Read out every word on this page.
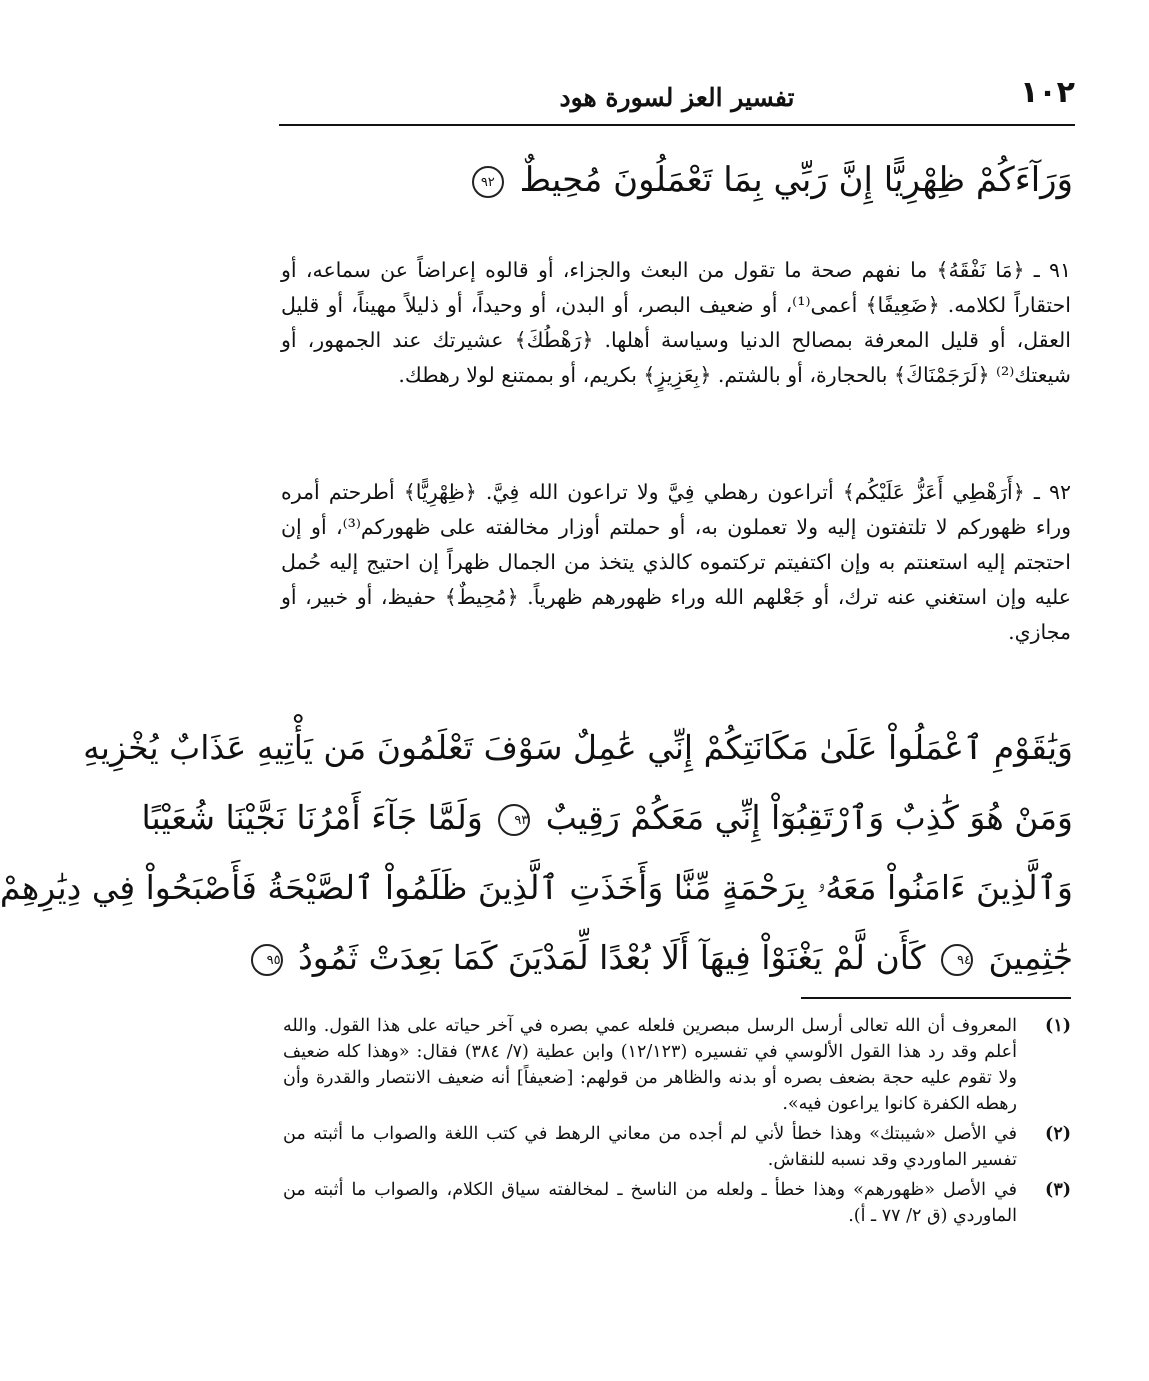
١٠٢
تفسير العز لسورة هود
وَرَآءَكُمْ ظِهْرِيًّا إِنَّ رَبِّي بِمَا تَعْمَلُونَ مُحِيطٌ ٩٢

٩١ ـ ﴿مَا نَفْقَهُ﴾ ما نفهم صحة ما تقول من البعث والجزاء، أو قالوه إعراضاً عن سماعه، أو احتقاراً لكلامه. ﴿ضَعِيفًا﴾ أعمى⁽¹⁾، أو ضعيف البصر، أو البدن، أو وحيداً، أو ذليلاً مهيناً، أو قليل العقل، أو قليل المعرفة بمصالح الدنيا وسياسة أهلها. ﴿رَهْطُكَ﴾ عشيرتك عند الجمهور، أو شيعتك⁽²⁾ ﴿لَرَجَمْنَاكَ﴾ بالحجارة، أو بالشتم. ﴿بِعَزِيزٍ﴾ بكريم، أو بممتنع لولا رهطك.

٩٢ ـ ﴿أَرَهْطِي أَعَزُّ عَلَيْكُم﴾ أتراعون رهطي فِيَّ ولا تراعون الله فِيَّ. ﴿ظِهْرِيًّا﴾ أطرحتم أمره وراء ظهوركم لا تلتفتون إليه ولا تعملون به، أو حملتم أوزار مخالفته على ظهوركم⁽³⁾، أو إن احتجتم إليه استعنتم به وإن اكتفيتم تركتموه كالذي يتخذ من الجمال ظهراً إن احتيج إليه حُمل عليه وإن استغني عنه ترك، أو جَعْلهم الله وراء ظهورهم ظهرياً. ﴿مُحِيطٌ﴾ حفيظ، أو خبير، أو مجازي.

وَيَٰقَوْمِ ٱعْمَلُواْ عَلَىٰ مَكَانَتِكُمْ إِنِّي عَٰمِلٌ سَوْفَ تَعْلَمُونَ مَن يَأْتِيهِ عَذَابٌ يُخْزِيهِ
وَمَنْ هُوَ كَٰذِبٌ وَٱرْتَقِبُوٓاْ إِنِّي مَعَكُمْ رَقِيبٌ ٩٣ وَلَمَّا جَآءَ أَمْرُنَا نَجَّيْنَا شُعَيْبًا
وَٱلَّذِينَ ءَامَنُواْ مَعَهُۥ بِرَحْمَةٍ مِّنَّا وَأَخَذَتِ ٱلَّذِينَ ظَلَمُواْ ٱلصَّيْحَةُ فَأَصْبَحُواْ فِي دِيَٰرِهِمْ
جَٰثِمِينَ ٩٤ كَأَن لَّمْ يَغْنَوْاْ فِيهَآ أَلَا بُعْدًا لِّمَدْيَنَ كَمَا بَعِدَتْ ثَمُودُ ٩٥
(١)
المعروف أن الله تعالى أرسل الرسل مبصرين فلعله عمي بصره في آخر حياته على هذا القول. والله أعلم وقد رد هذا القول الألوسي في تفسيره (١٢/١٢٣) وابن عطية (٧/ ٣٨٤) فقال: «وهذا كله ضعيف ولا تقوم عليه حجة بضعف بصره أو بدنه والظاهر من قولهم: [ضعيفاً] أنه ضعيف الانتصار والقدرة وأن رهطه الكفرة كانوا يراعون فيه».
(٢)
في الأصل «شيبتك» وهذا خطأ لأني لم أجده من معاني الرهط في كتب اللغة والصواب ما أثبته من تفسير الماوردي وقد نسبه للنقاش.
(٣)
في الأصل «ظهورهم» وهذا خطأ ـ ولعله من الناسخ ـ لمخالفته سياق الكلام، والصواب ما أثبته من الماوردي (ق ٢/ ٧٧ ـ أ).
